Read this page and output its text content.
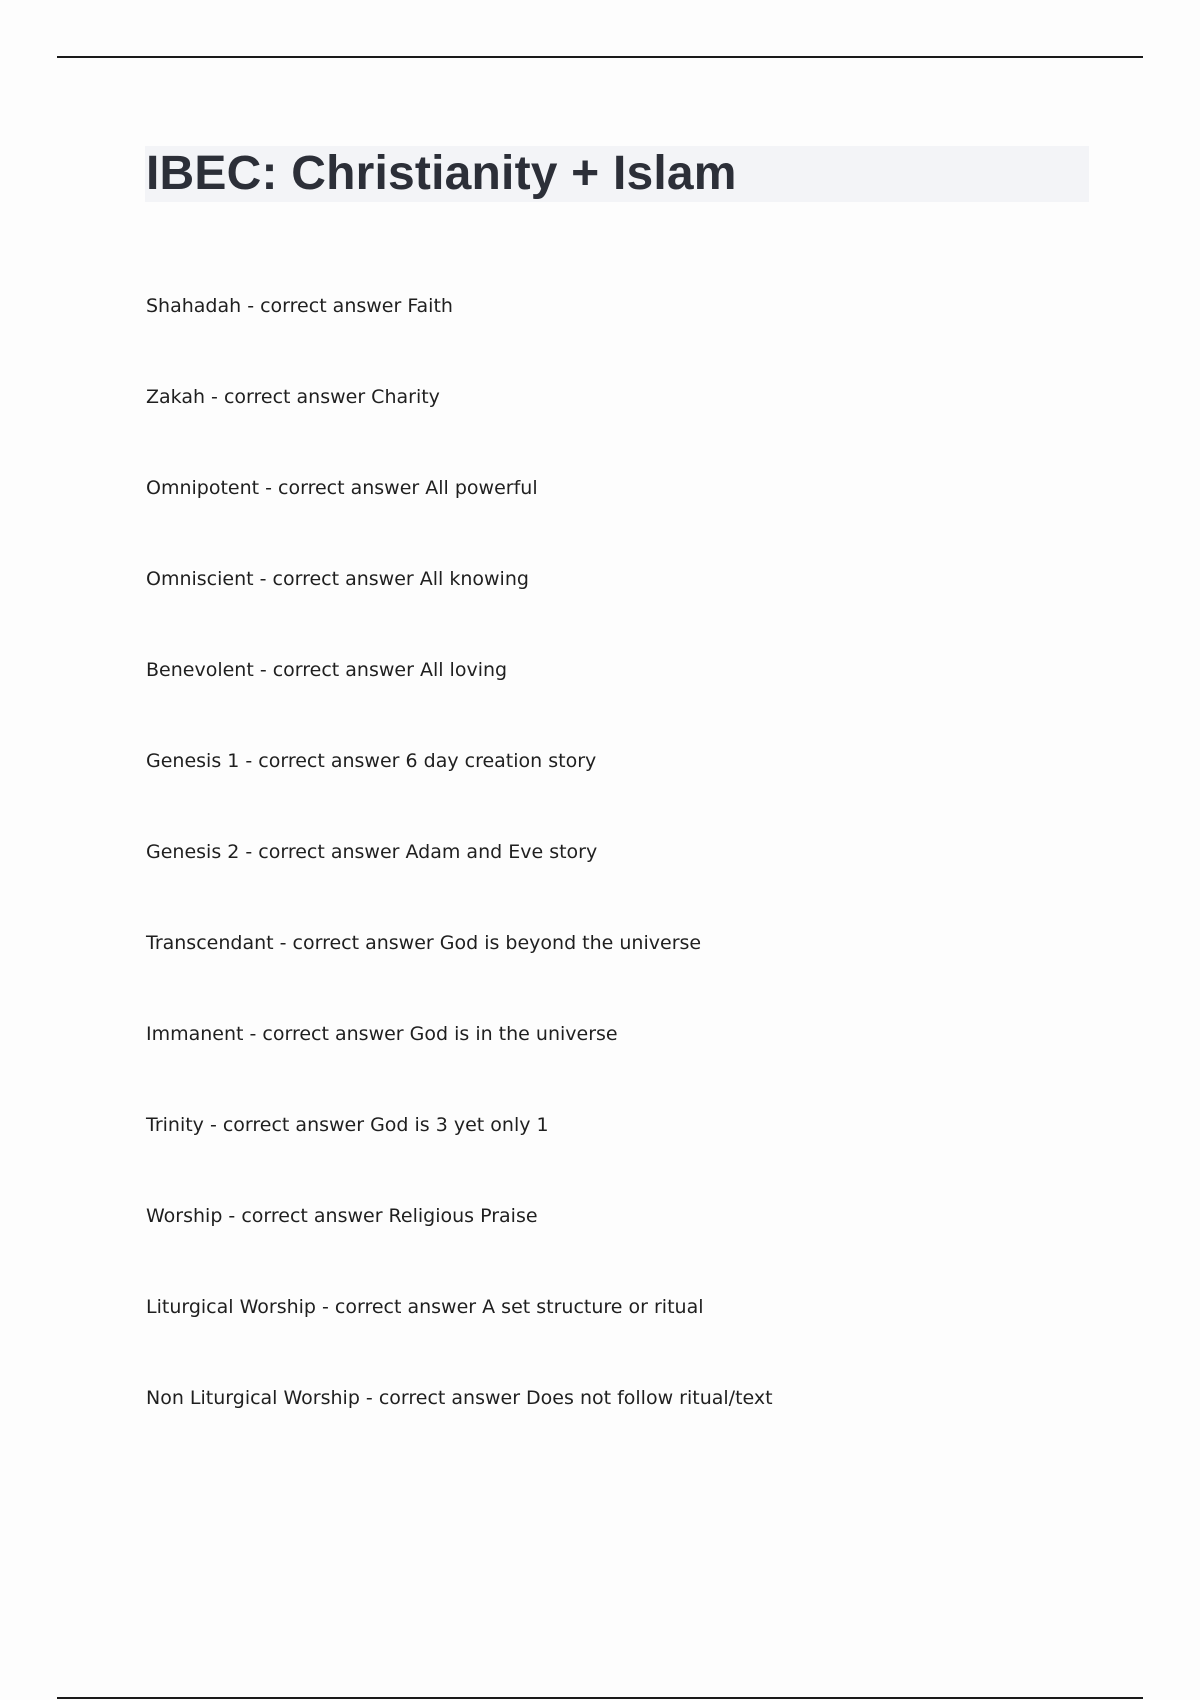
IBEC: Christianity + Islam
Shahadah - correct answer Faith
Zakah - correct answer Charity
Omnipotent - correct answer All powerful
Omniscient - correct answer All knowing
Benevolent - correct answer All loving
Genesis 1 - correct answer 6 day creation story
Genesis 2 - correct answer Adam and Eve story
Transcendant - correct answer God is beyond the universe
Immanent - correct answer God is in the universe
Trinity - correct answer God is 3 yet only 1
Worship - correct answer Religious Praise
Liturgical Worship - correct answer A set structure or ritual
Non Liturgical Worship - correct answer Does not follow ritual/text
